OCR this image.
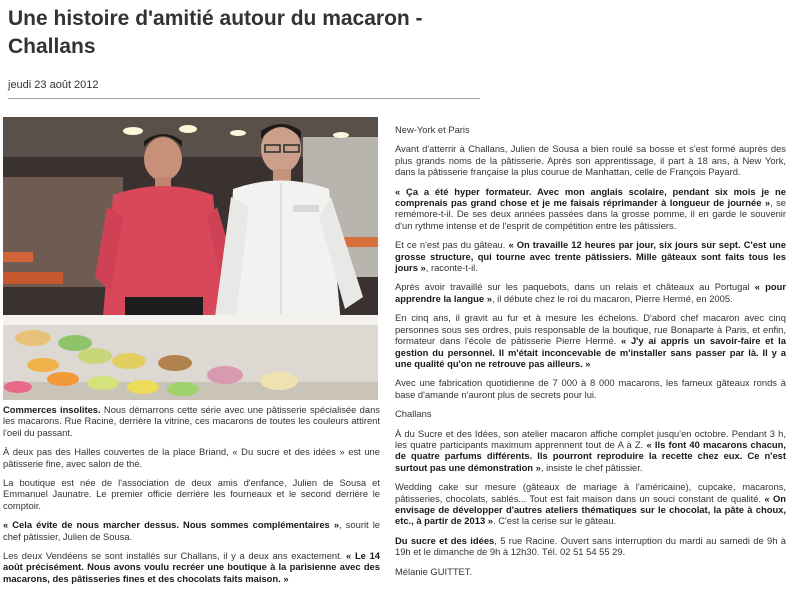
Une histoire d'amitié autour du macaron - Challans
jeudi 23 août 2012

Commerces insolites. Nous démarrons cette série avec une pâtisserie spécialisée dans les macarons. Rue Racine, derrière la vitrine, ces macarons de toutes les couleurs attirent l'oeil du passant.

À deux pas des Halles couvertes de la place Briand, « Du sucre et des idées » est une pâtisserie fine, avec salon de thé.

La boutique est née de l'association de deux amis d'enfance, Julien de Sousa et Emmanuel Jaunatre. Le premier officie derrière les fourneaux et le second derrière le comptoir.

« Cela évite de nous marcher dessus. Nous sommes complémentaires », sourit le chef pâtissier, Julien de Sousa.

Les deux Vendéens se sont installés sur Challans, il y a deux ans exactement. « Le 14 août précisément. Nous avons voulu recréer une boutique à la parisienne avec des macarons, des pâtisseries fines et des chocolats faits maison. »

New-York et Paris

Avant d'atterrir à Challans, Julien de Sousa a bien roulé sa bosse et s'est formé auprès des plus grands noms de la pâtisserie. Après son apprentissage, il part à 18 ans, à New York, dans la pâtisserie française la plus courue de Manhattan, celle de François Payard.

« Ça a été hyper formateur. Avec mon anglais scolaire, pendant six mois je ne comprenais pas grand chose et je me faisais réprimander à longueur de journée », se remémore-t-il. De ses deux années passées dans la grosse pomme, il en garde le souvenir d'un rythme intense et de l'esprit de compétition entre les pâtissiers.

Et ce n'est pas du gâteau. « On travaille 12 heures par jour, six jours sur sept. C'est une grosse structure, qui tourne avec trente pâtissiers. Mille gâteaux sont faits tous les jours », raconte-t-il.

Après avoir travaillé sur les paquebots, dans un relais et châteaux au Portugal « pour apprendre la langue », il débute chez le roi du macaron, Pierre Hermé, en 2005.

En cinq ans, il gravit au fur et à mesure les échelons. D'abord chef macaron avec cinq personnes sous ses ordres, puis responsable de la boutique, rue Bonaparte à Paris, et enfin, formateur dans l'école de pâtisserie Pierre Hermé. « J'y ai appris un savoir-faire et la gestion du personnel. Il m'était inconcevable de m'installer sans passer par là. Il y a une qualité qu'on ne retrouve pas ailleurs. »

Avec une fabrication quotidienne de 7 000 à 8 000 macarons, les fameux gâteaux ronds à base d'amande n'auront plus de secrets pour lui.

Challans

À du Sucre et des Idées, son atelier macaron affiche complet jusqu'en octobre. Pendant 3 h, les quatre participants maximum apprennent tout de A à Z. « Ils font 40 macarons chacun, de quatre parfums différents. Ils pourront reproduire la recette chez eux. Ce n'est surtout pas une démonstration », insiste le chef pâtissier.

Wedding cake sur mesure (gâteaux de mariage à l'américaine), cupcake, macarons, pâtisseries, chocolats, sablés... Tout est fait maison dans un souci constant de qualité. « On envisage de développer d'autres ateliers thématiques sur le chocolat, la pâte à choux, etc., à partir de 2013 ». C'est la cerise sur le gâteau.

Du sucre et des idées, 5 rue Racine. Ouvert sans interruption du mardi au samedi de 9h à 19h et le dimanche de 9h à 12h30. Tél. 02 51 54 55 29.

Mélanie GUITTET.
